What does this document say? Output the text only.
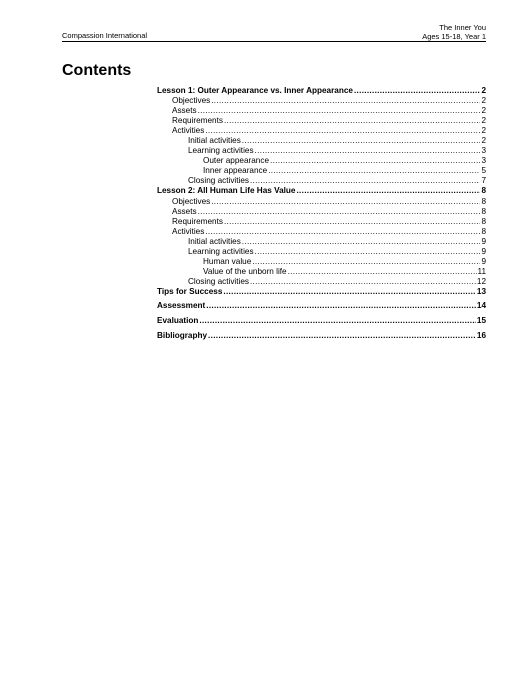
Compassion International
The Inner You
Ages 15-18, Year 1
Contents
Lesson 1: Outer Appearance vs. Inner Appearance .....	2
Objectives .....	2
Assets .....	2
Requirements .....	2
Activities .....	2
Initial activities .....	2
Learning activities .....	3
Outer appearance .....	3
Inner appearance .....	5
Closing activities .....	7
Lesson 2: All Human Life Has Value .....	8
Objectives .....	8
Assets .....	8
Requirements .....	8
Activities .....	8
Initial activities .....	9
Learning activities .....	9
Human value .....	9
Value of the unborn life .....	11
Closing activities .....	12
Tips for Success .....	13
Assessment .....	14
Evaluation .....	15
Bibliography .....	16
